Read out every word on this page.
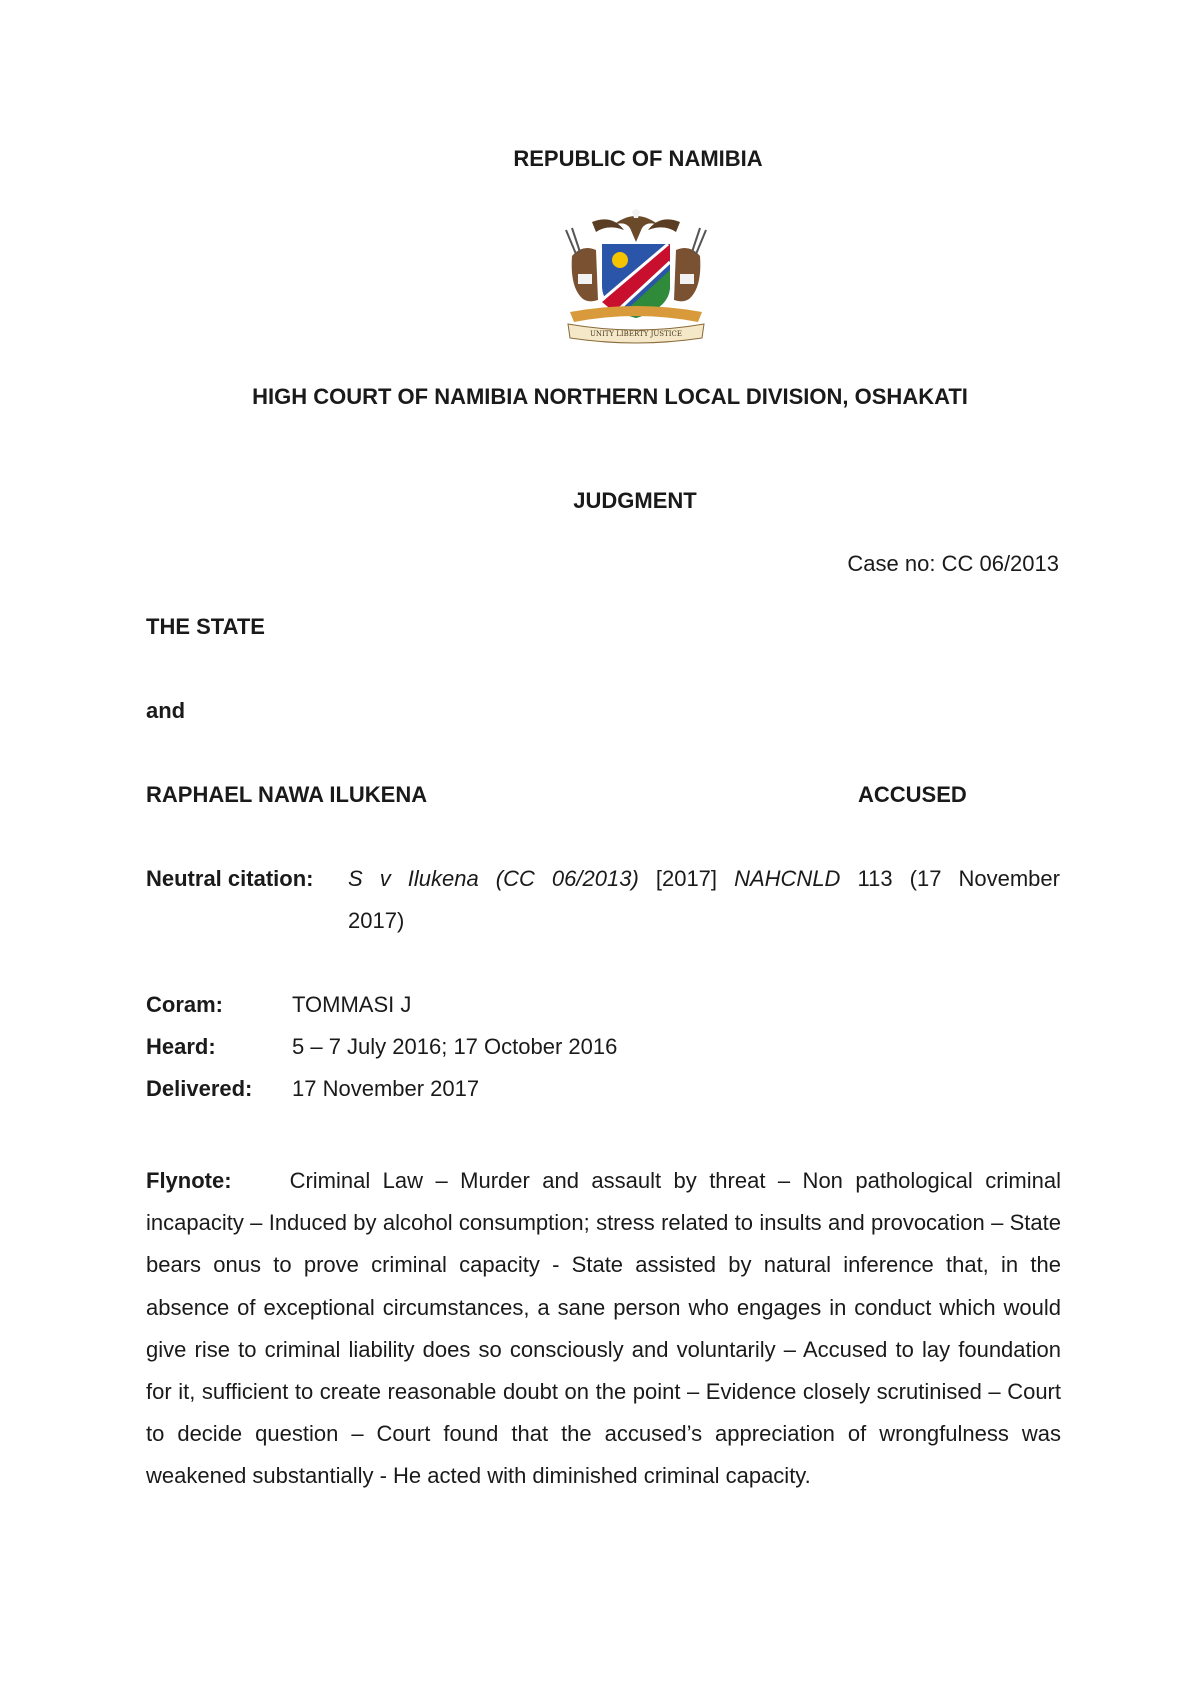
REPUBLIC OF NAMIBIA
UNITY LIBERTY JUSTICE
HIGH COURT OF NAMIBIA NORTHERN LOCAL DIVISION, OSHAKATI
JUDGMENT
Case no: CC 06/2013
THE STATE
and
RAPHAEL NAWA ILUKENA	ACCUSED
Neutral citation: S v Ilukena (CC 06/2013) [2017] NAHCNLD 113 (17 November
2017)
Coram:	TOMMASI J
Heard:	5 – 7 July 2016; 17 October 2016
Delivered: 17 November 2017
Flynote:	Criminal Law – Murder and assault by threat – Non pathological criminal incapacity – Induced by alcohol consumption; stress related to insults and provocation – State bears onus to prove criminal capacity - State assisted by natural inference that, in the absence of exceptional circumstances, a sane person who engages in conduct which would give rise to criminal liability does so consciously and voluntarily – Accused to lay foundation for it, sufficient to create reasonable doubt on the point – Evidence closely scrutinised – Court to decide question – Court found that the accused’s appreciation of wrongfulness was weakened substantially - He acted with diminished criminal capacity.
